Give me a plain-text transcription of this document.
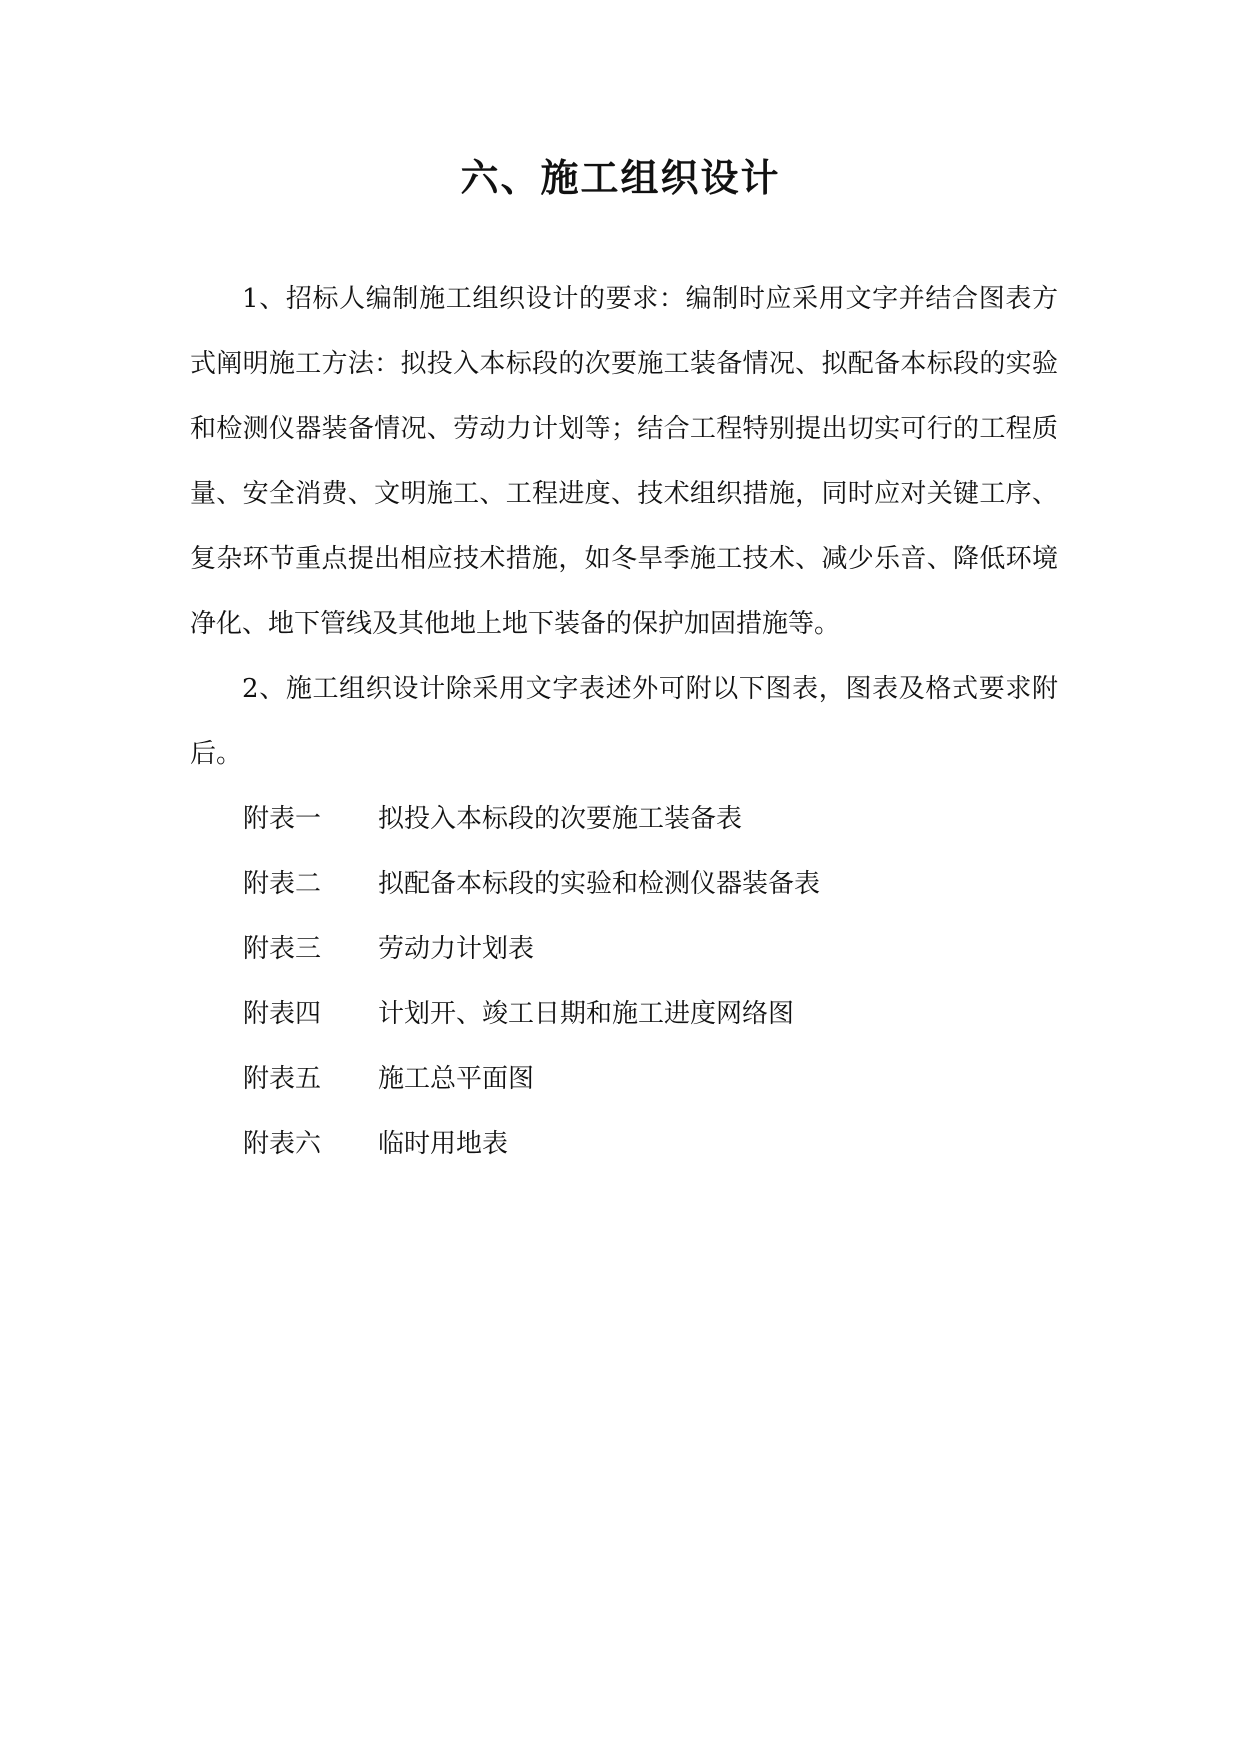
六、施工组织设计

1、招标人编制施工组织设计的要求：编制时应采用文字并结合图表方式阐明施工方法：拟投入本标段的次要施工装备情况、拟配备本标段的实验和检测仪器装备情况、劳动力计划等；结合工程特别提出切实可行的工程质量、安全消费、文明施工、工程进度、技术组织措施，同时应对关键工序、复杂环节重点提出相应技术措施，如冬旱季施工技术、减少乐音、降低环境净化、地下管线及其他地上地下装备的保护加固措施等。

2、施工组织设计除采用文字表述外可附以下图表，图表及格式要求附后。

附表一 拟投入本标段的次要施工装备表
附表二 拟配备本标段的实验和检测仪器装备表
附表三 劳动力计划表
附表四 计划开、竣工日期和施工进度网络图
附表五 施工总平面图
附表六 临时用地表
